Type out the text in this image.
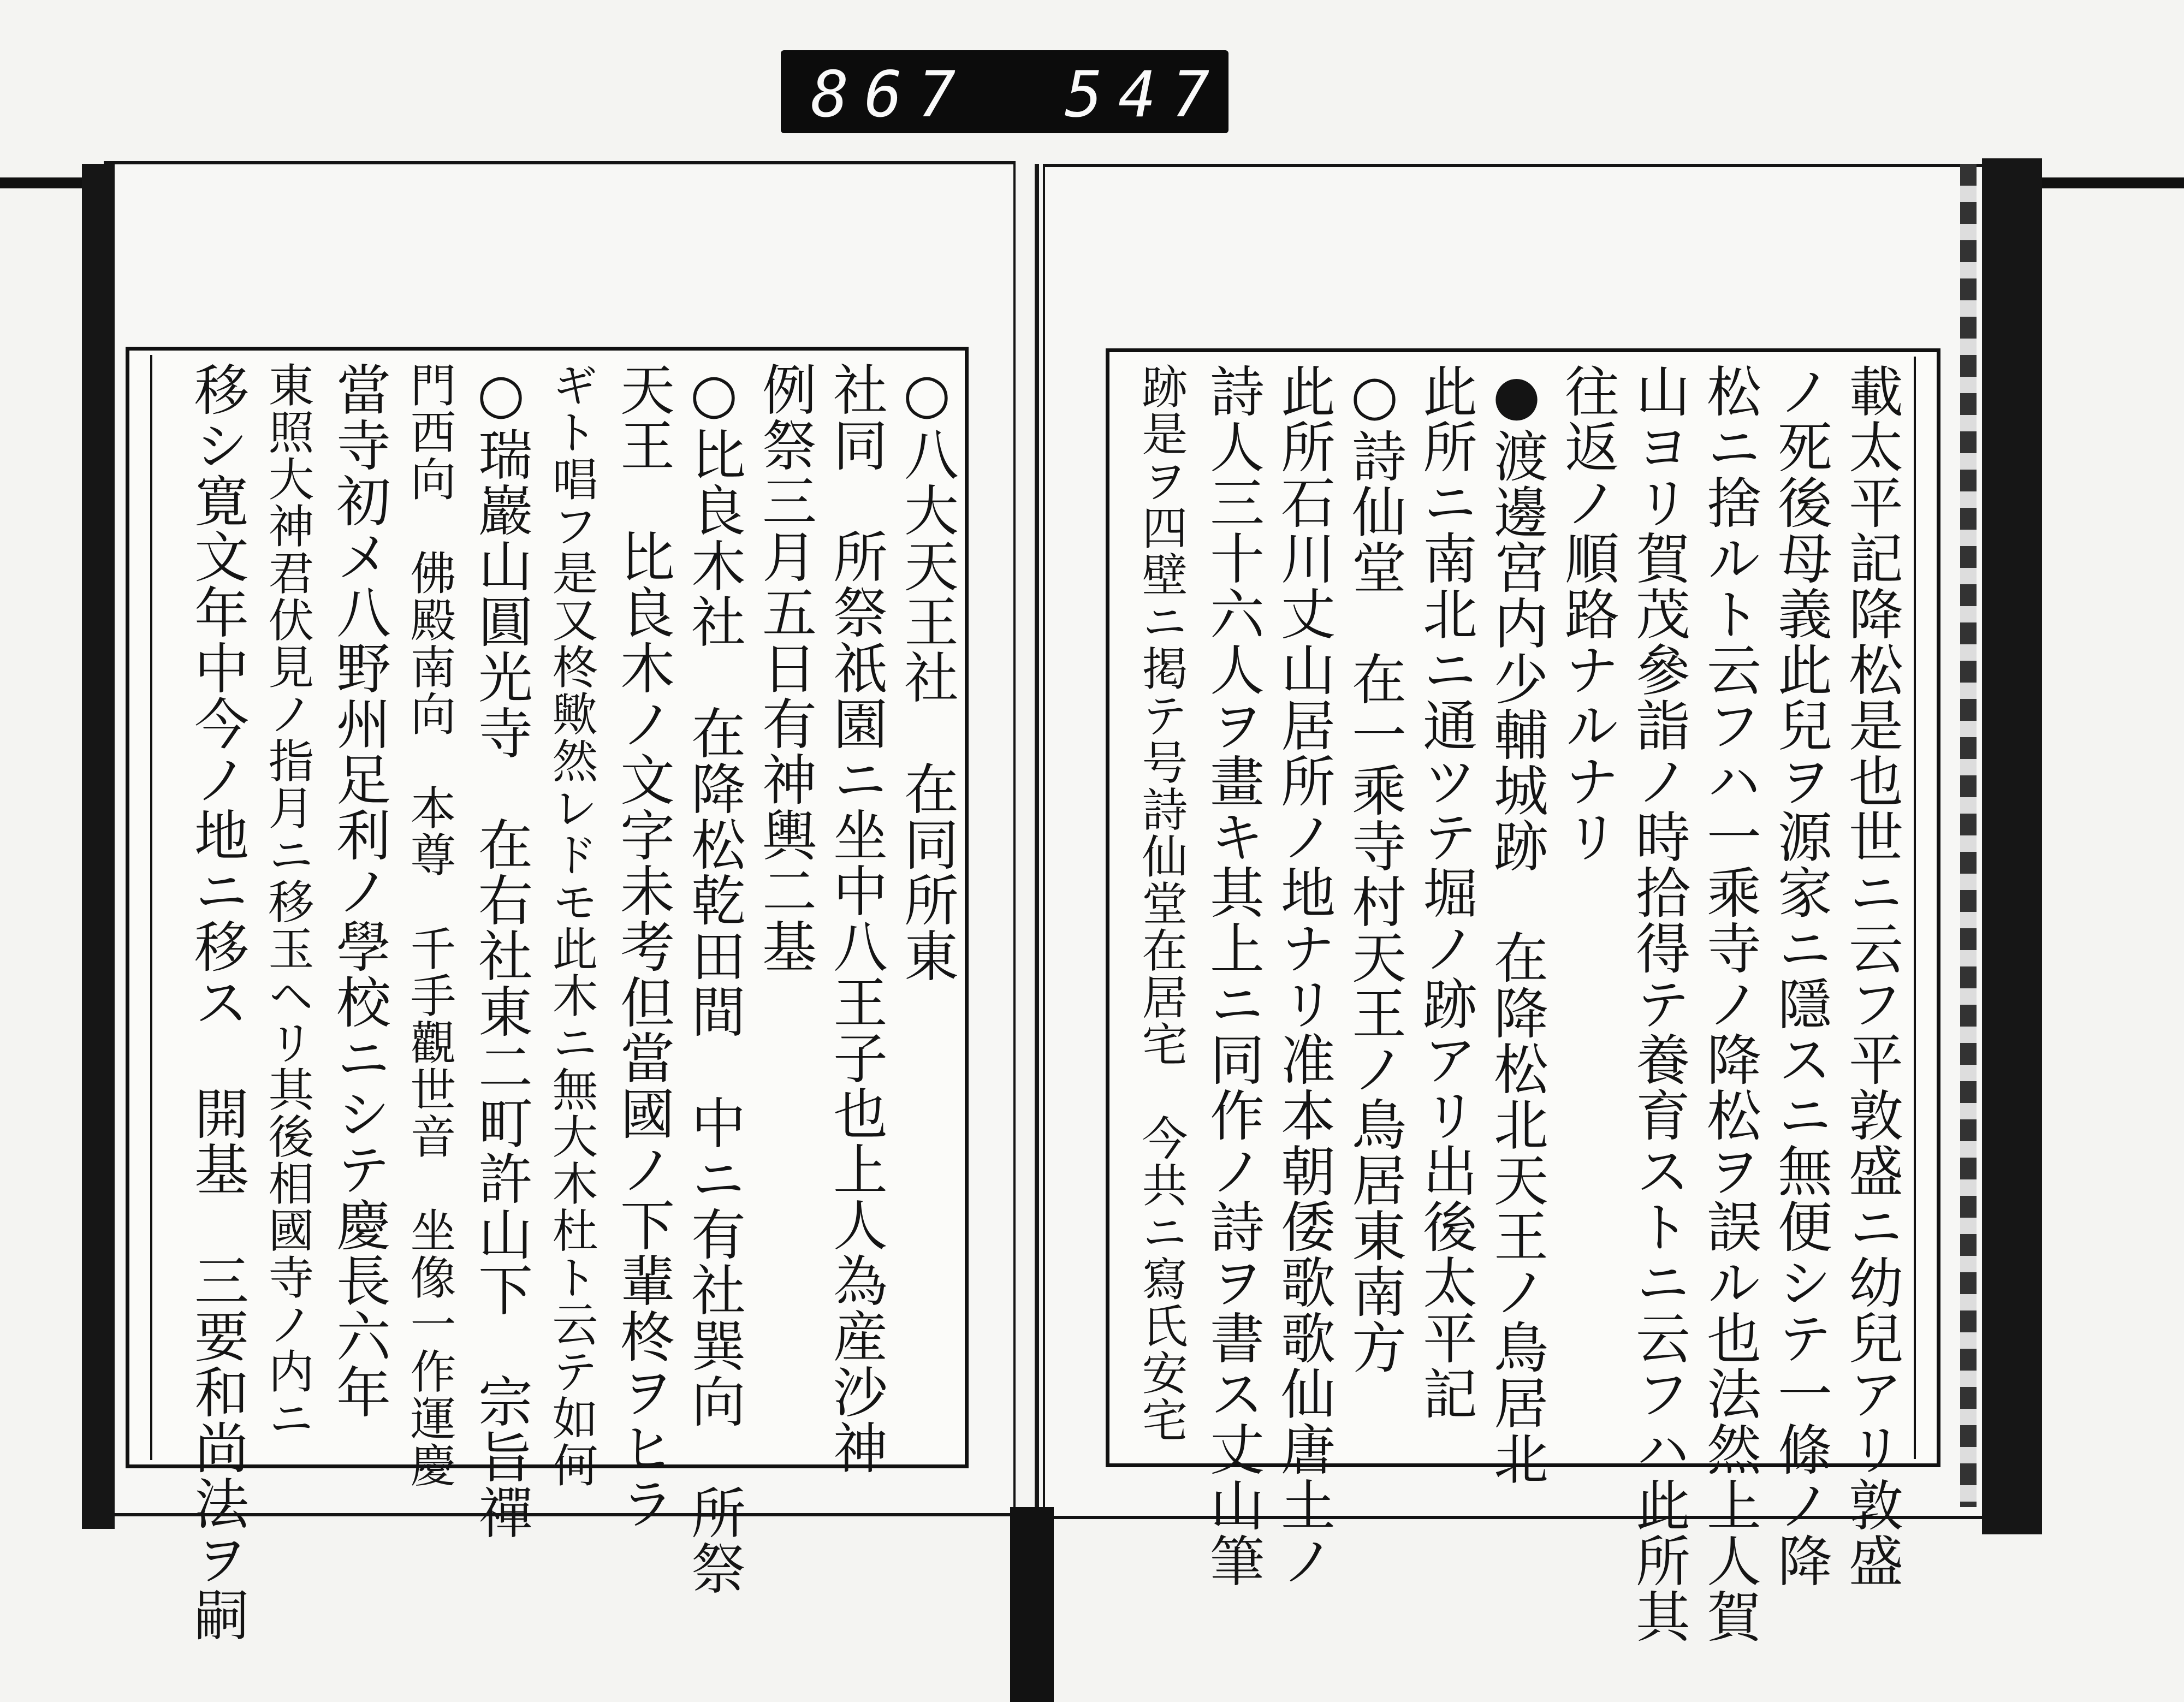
867 547
○八大天王社　在同所東
社同　所祭祇園ニ坐中八王子也上人為産沙神
例祭三月五日有神輿二基
○比良木社　在降松乾田間　中ニ有社巽向　所祭
天王　比良木ノ文字未考但當國ノ下輩柊ヲヒラ
ギト唱フ是又柊歟然レドモ此木ニ無大木杜ト云テ如何
○瑞巖山圓光寺　在右社東二町許山下　宗旨禪
門西向　佛殿南向　本尊　千手觀世音　坐像一作運慶
當寺初メ八野州足利ノ學校ニシテ慶長六年
東照大神君伏見ノ指月ニ移玉ヘリ其後相國寺ノ内ニ
移シ寛文年中今ノ地ニ移ス　開基　三要和尚法ヲ嗣	載太平記降松是也世ニ云フ平敦盛ニ幼兒アリ敦盛
ノ死後母義此兒ヲ源家ニ隱スニ無便シテ一條ノ降
松ニ捨ルト云フハ一乘寺ノ降松ヲ誤ル也法然上人賀
山ヨリ賀茂參詣ノ時拾得テ養育ストニ云フハ此所其
往返ノ順路ナルナリ
●渡邊宮内少輔城跡　在降松北天王ノ鳥居北
此所ニ南北ニ通ツテ堀ノ跡アリ出後太平記
○詩仙堂　在一乘寺村天王ノ鳥居東南方
此所石川丈山居所ノ地ナリ准本朝倭歌歌仙唐土ノ
詩人三十六人ヲ畫キ其上ニ同作ノ詩ヲ書ス丈山筆
跡是ヲ四壁ニ掲テ号詩仙堂在居宅　今共ニ寫氏安宅
